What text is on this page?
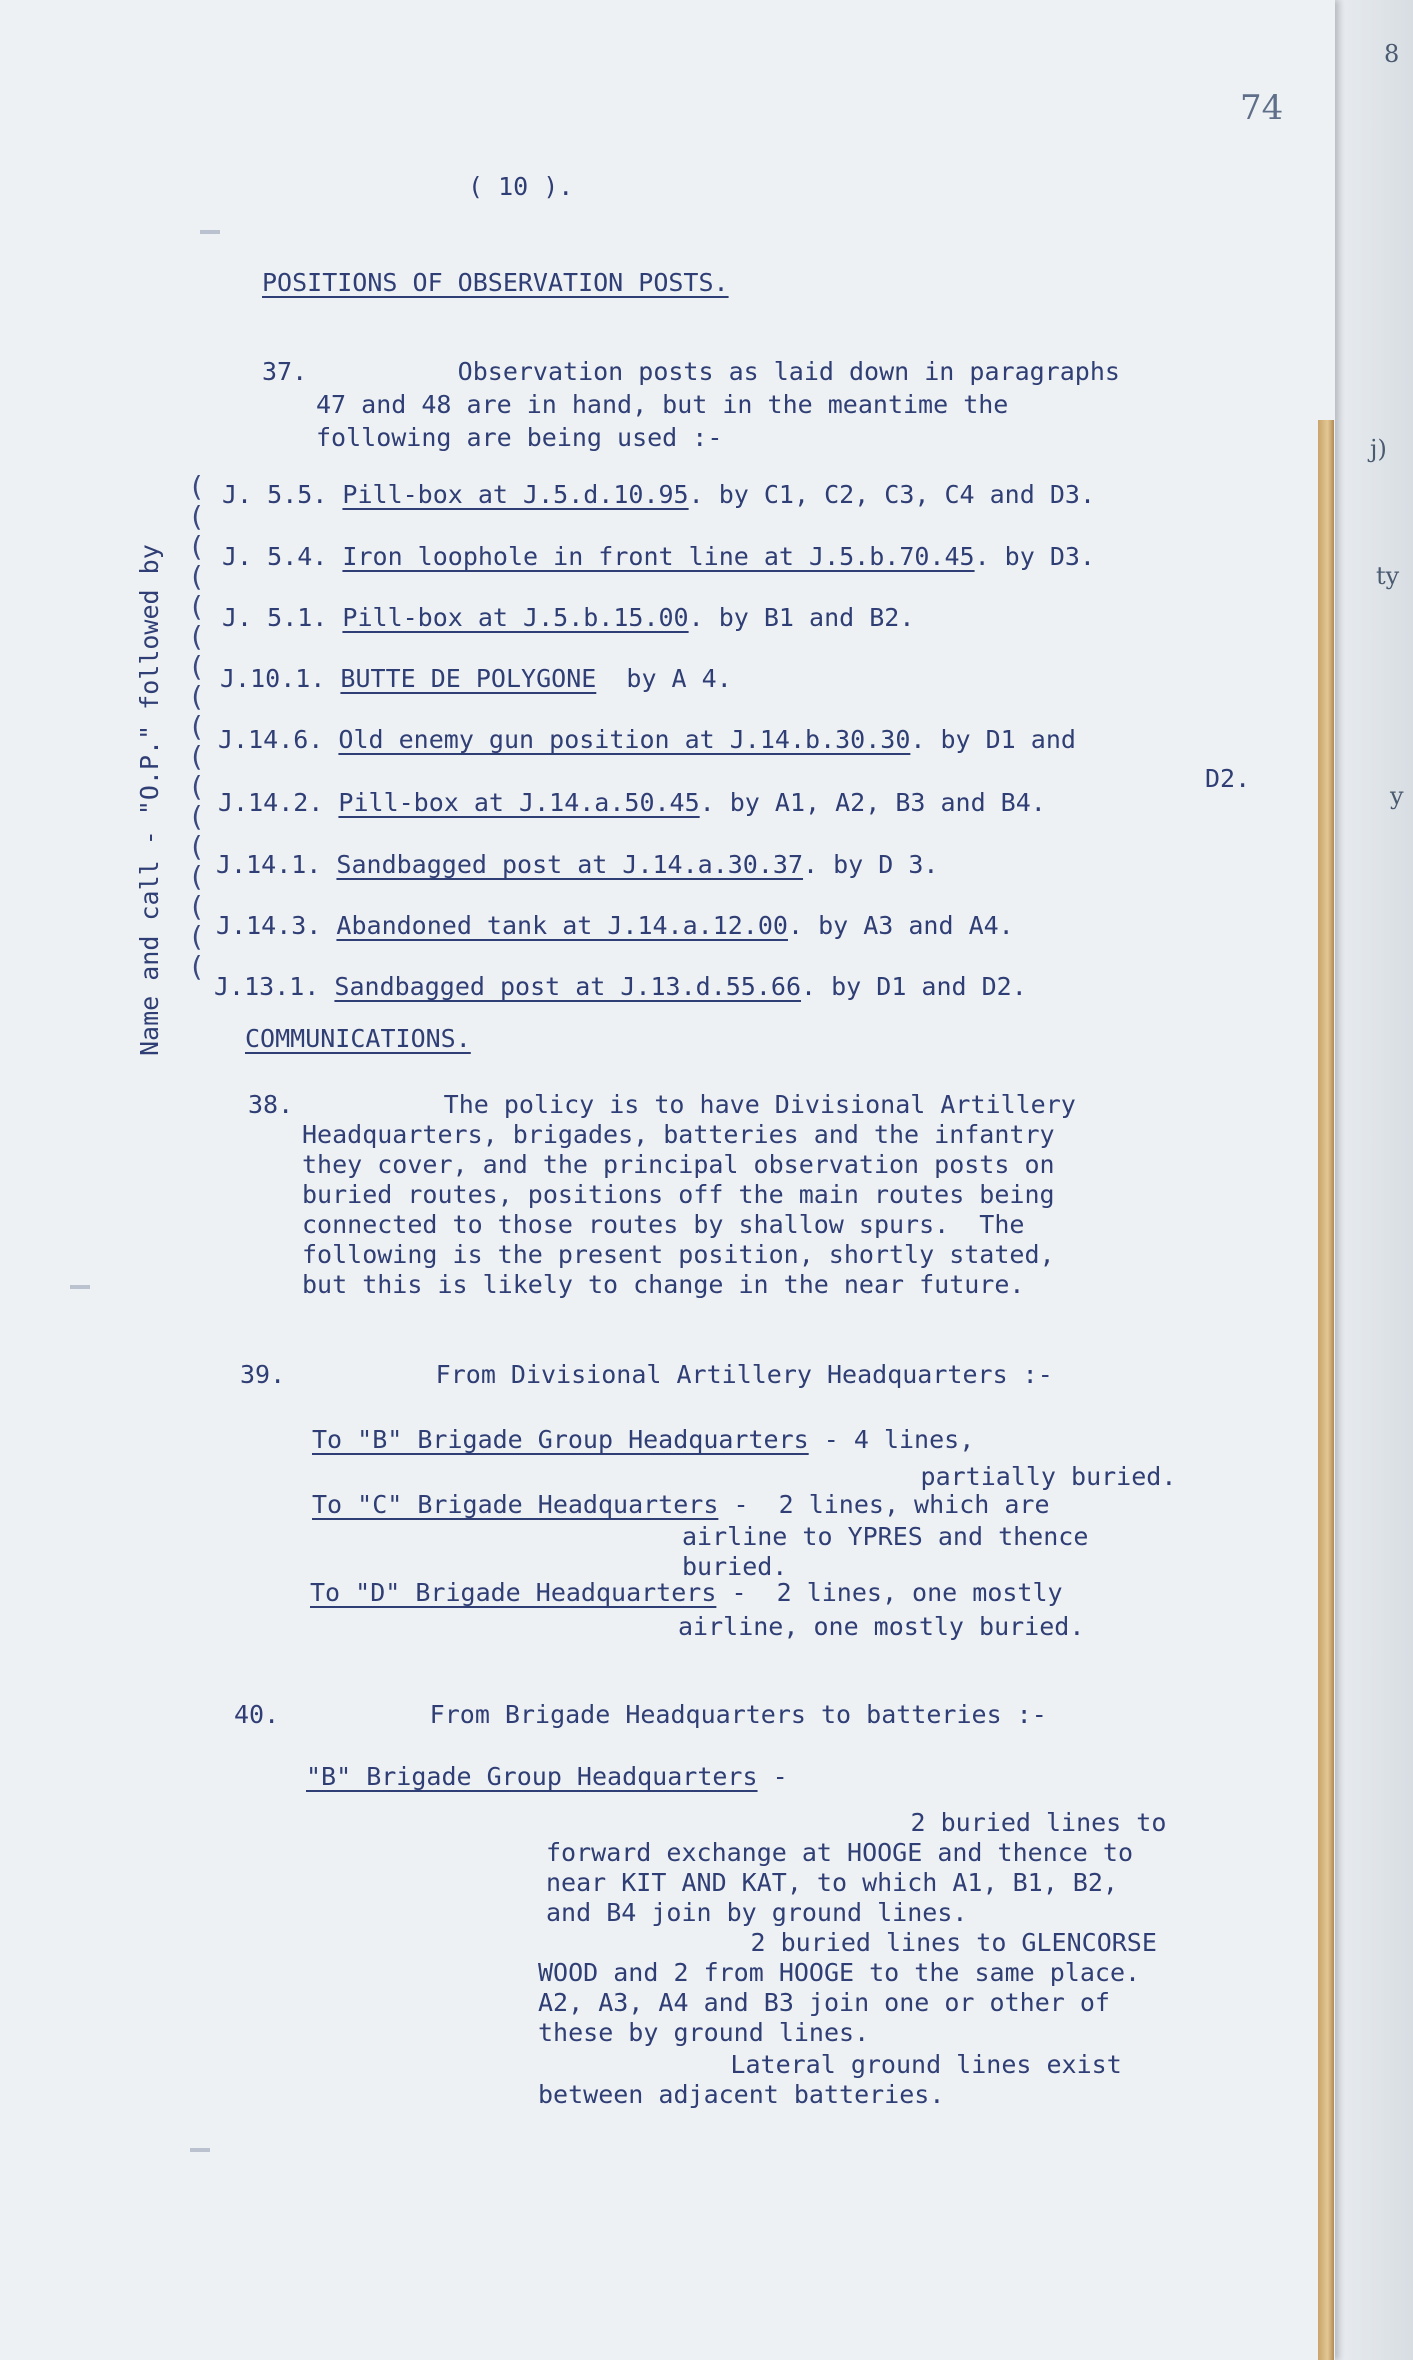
8
j)
ty
y
74
( 10 ).
POSITIONS OF OBSERVATION POSTS.
37.          Observation posts as laid down in paragraphs
47 and 48 are in hand, but in the meantime the
following are being used :-
Name and call - "O.P." followed by
(
(
(
(
(
(
(
(
(
(
(
(
(
(
(
(
(
J. 5.5. Pill-box at J.5.d.10.95. by C1, C2, C3, C4 and D3.
J. 5.4. Iron loophole in front line at J.5.b.70.45. by D3.
J. 5.1. Pill-box at J.5.b.15.00. by B1 and B2.
J.10.1. BUTTE DE POLYGONE  by A 4.
J.14.6. Old enemy gun position at J.14.b.30.30. by D1 and
D2.
J.14.2. Pill-box at J.14.a.50.45. by A1, A2, B3 and B4.
J.14.1. Sandbagged post at J.14.a.30.37. by D 3.
J.14.3. Abandoned tank at J.14.a.12.00. by A3 and A4.
J.13.1. Sandbagged post at J.13.d.55.66. by D1 and D2.
COMMUNICATIONS.
38.          The policy is to have Divisional Artillery
Headquarters, brigades, batteries and the infantry
they cover, and the principal observation posts on
buried routes, positions off the main routes being
connected to those routes by shallow spurs.  The
following is the present position, shortly stated,
but this is likely to change in the near future.
39.          From Divisional Artillery Headquarters :-
To "B" Brigade Group Headquarters - 4 lines,
partially buried.
To "C" Brigade Headquarters -  2 lines, which are
airline to YPRES and thence
buried.
To "D" Brigade Headquarters -  2 lines, one mostly
airline, one mostly buried.
40.          From Brigade Headquarters to batteries :-
"B" Brigade Group Headquarters -
2 buried lines to
forward exchange at HOOGE and thence to
near KIT AND KAT, to which A1, B1, B2,
and B4 join by ground lines.
2 buried lines to GLENCORSE
WOOD and 2 from HOOGE to the same place.
A2, A3, A4 and B3 join one or other of
these by ground lines.
Lateral ground lines exist
between adjacent batteries.
